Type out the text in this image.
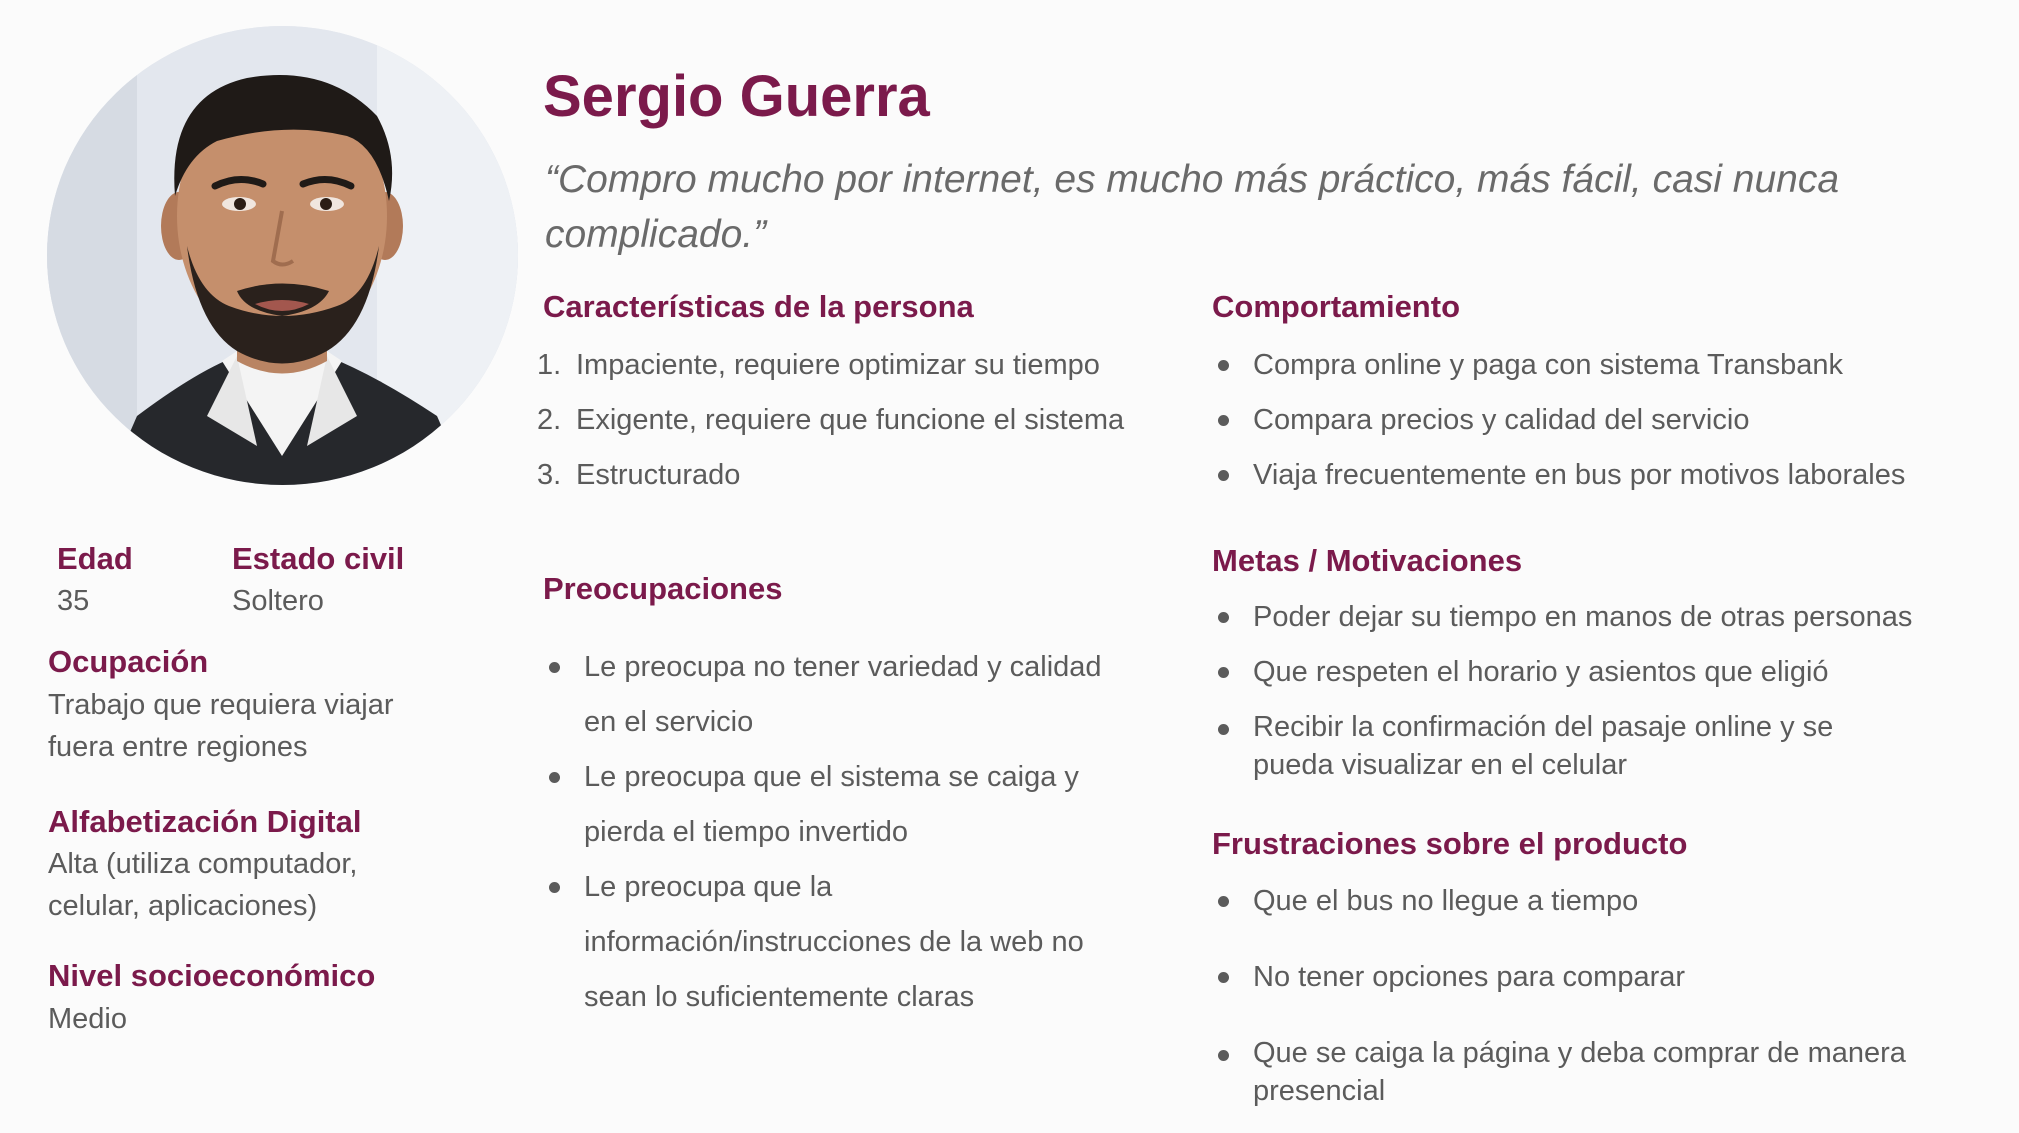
Sergio Guerra
“Compro mucho por internet, es mucho más práctico, más fácil, casi nunca complicado.”
Edad
35
Estado civil
Soltero
Ocupación
Trabajo que requiera viajar fuera entre regiones
Alfabetización Digital
Alta (utiliza computador, celular, aplicaciones)
Nivel socioeconómico
Medio
Características de la persona
1. Impaciente, requiere optimizar su tiempo
2. Exigente, requiere que funcione el sistema
3. Estructurado
Preocupaciones
Le preocupa no tener variedad y calidad en el servicio
Le preocupa que el sistema se caiga y pierda el tiempo invertido
Le preocupa que la información/instrucciones de la web no sean lo suficientemente claras
Comportamiento
Compra online y paga con sistema Transbank
Compara precios y calidad del servicio
Viaja frecuentemente en bus por motivos laborales
Metas / Motivaciones
Poder dejar su tiempo en manos de otras personas
Que respeten el horario y asientos que eligió
Recibir la confirmación del pasaje online y se pueda visualizar en el celular
Frustraciones sobre el producto
Que el bus no llegue a tiempo
No tener opciones para comparar
Que se caiga la página y deba comprar de manera presencial
